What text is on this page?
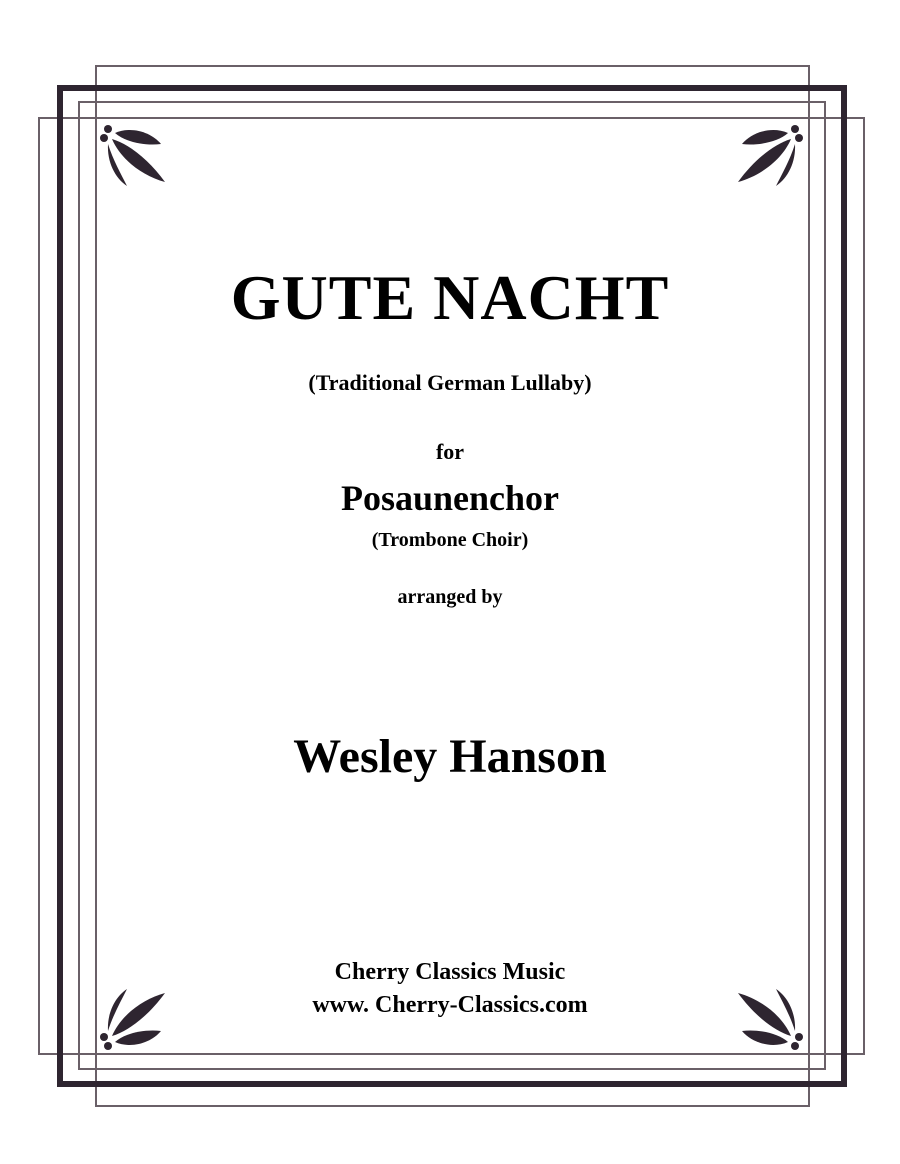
GUTE NACHT
(Traditional German Lullaby)
for
Posaunenchor
(Trombone Choir)
arranged by
Wesley Hanson
Cherry Classics Music
www. Cherry-Classics.com
